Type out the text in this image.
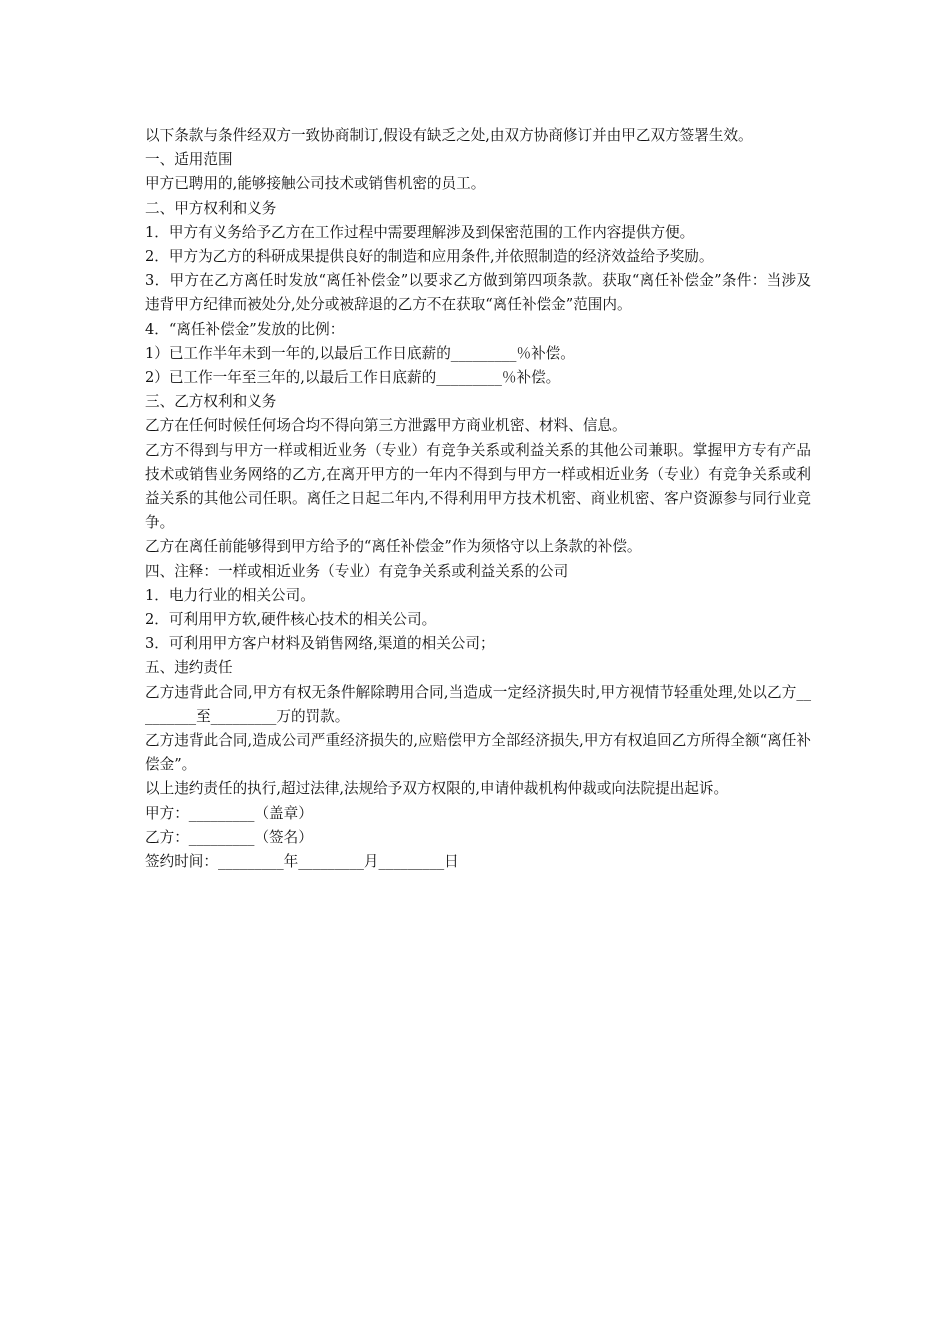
以下条款与条件经双方一致协商制订,假设有缺乏之处,由双方协商修订并由甲乙双方签署生效。

一、适用范围

甲方已聘用的,能够接触公司技术或销售机密的员工。

二、甲方权利和义务

1．甲方有义务给予乙方在工作过程中需要理解涉及到保密范围的工作内容提供方便。

2．甲方为乙方的科研成果提供良好的制造和应用条件,并依照制造的经济效益给予奖励。

3．甲方在乙方离任时发放“离任补偿金”以要求乙方做到第四项条款。获取“离任补偿金”条件：当涉及违背甲方纪律而被处分,处分或被辞退的乙方不在获取“离任补偿金”范围内。

4．“离任补偿金”发放的比例：

1）已工作半年未到一年的,以最后工作日底薪的_________％补偿。

2）已工作一年至三年的,以最后工作日底薪的_________％补偿。

三、乙方权利和义务

乙方在任何时候任何场合均不得向第三方泄露甲方商业机密、材料、信息。

乙方不得到与甲方一样或相近业务（专业）有竞争关系或利益关系的其他公司兼职。掌握甲方专有产品技术或销售业务网络的乙方,在离开甲方的一年内不得到与甲方一样或相近业务（专业）有竞争关系或利益关系的其他公司任职。离任之日起二年内,不得利用甲方技术机密、商业机密、客户资源参与同行业竞争。

乙方在离任前能够得到甲方给予的“离任补偿金”作为须恪守以上条款的补偿。

四、注释：一样或相近业务（专业）有竞争关系或利益关系的公司

1．电力行业的相关公司。

2．可利用甲方软,硬件核心技术的相关公司。

3．可利用甲方客户材料及销售网络,渠道的相关公司；

五、违约责任

乙方违背此合同,甲方有权无条件解除聘用合同,当造成一定经济损失时,甲方视情节轻重处理,处以乙方_________至_________万的罚款。

乙方违背此合同,造成公司严重经济损失的,应赔偿甲方全部经济损失,甲方有权追回乙方所得全额“离任补偿金”。

以上违约责任的执行,超过法律,法规给予双方权限的,申请仲裁机构仲裁或向法院提出起诉。

甲方：_________（盖章）

乙方：_________（签名）

签约时间：_________年_________月_________日
